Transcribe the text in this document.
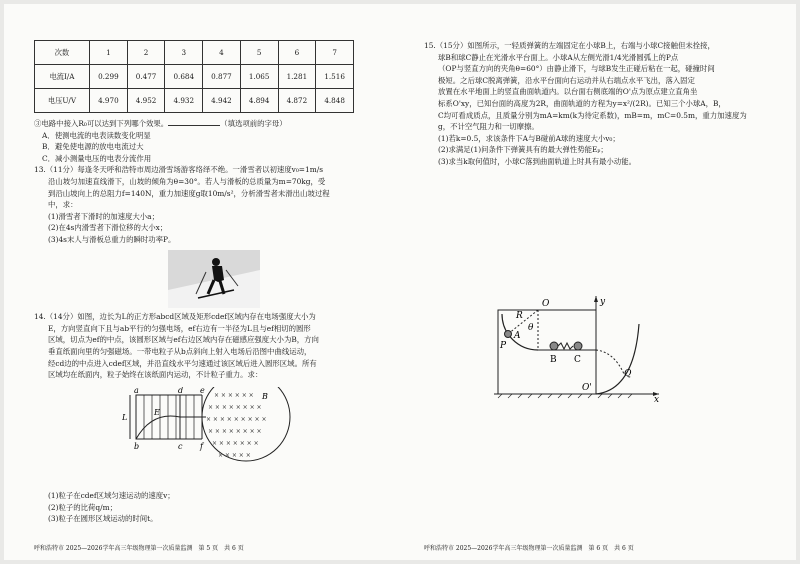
次数	1	2	3	4	5	6	7
电流I/A	0.299	0.477	0.684	0.877	1.065	1.281	1.516
电压U/V	4.970	4.952	4.932	4.942	4.894	4.872	4.848
③电路中接入R₀可以达到下列哪个效果。	（填选项前的字母）
A．使测电流的电表读数变化明显
B．避免使电源的放电电流过大
C．减小测量电压的电表分流作用
13.（11分）每逢冬天呼和浩特市周边滑雪场游客络绎不绝。一滑雪者以初速度v₀=1m/s
沿山坡匀加速直线滑下，山坡的倾角为θ=30°。若人与滑板的总质量为m=70kg，受
到沿山坡向上的总阻力f=140N，重力加速度g取10m/s²，分析滑雪者未滑出山坡过程
中，求：
(1)滑雪者下滑时的加速度大小a；
(2)在4s内滑雪者下滑位移的大小x；
(3)4s末人与滑板总重力的瞬时功率P。
14.（14分）如图，边长为L的正方形abcd区域及矩形cdef区域内存在电场强度大小为
E，方向竖直向下且与ab平行的匀强电场，ef右边有一半径为L且与ef相切的圆形
区域，切点为ef的中点，该圆形区域与ef右边区域内存在磁感应强度大小为B，方向
垂直纸面向里的匀强磁场。一带电粒子从b点斜向上射入电场后沿图中曲线运动，
经cd边的中点进入cdef区域，并沿直线水平匀速通过该区域后进入圆形区域。所有
区域均在纸面内，粒子始终在该纸面内运动，不计粒子重力。求：
× × × × × ×
× × × × × × × ×
× × × × × × × × ×
× × × × × × × ×
× × × × × × ×
× × × × ×
a
b	c
d e
f
L
E
B
(1)粒子在cdef区域匀速运动的速度v；
(2)粒子的比荷q/m；
(3)粒子在圆形区域运动的时间t。
15.（15分）如图所示，一轻质弹簧的左端固定在小球B上，右端与小球C接触但未拴接，
球B和球C静止在光滑水平台面上。小球A从左侧光滑1/4光滑圆弧上的P点
（OP与竖直方向的夹角θ=60°）由静止滑下，与球B发生正碰后粘在一起，碰撞时间
极短。之后球C脱离弹簧，沿水平台面向右运动并从右端点水平飞出，落入固定
放置在水平地面上的竖直曲面轨道内。以台面右侧底端的O'点为原点建立直角坐
标系O'xy，已知台面的高度为2R，曲面轨道的方程为y=x²/(2R)。已知三个小球A，B，
C均可看成质点，且质量分别为mA=km(k为待定系数)，mB=m，mC=0.5m，重力加速度为
g，不计空气阻力和一切摩擦。
(1)若k=0.5，求该条件下A与B碰前A球的速度大小v₀；
(2)求满足(1)问条件下弹簧具有的最大弹性势能Eₚ；
(3)求当k取何值时，小球C落到曲面轨道上时具有最小动能。
O
R
θ
A
P
B C
y
O'
Q
x
呼和浩特市 2025—2026学年高三年级物理第一次质量监测　第 5 页　共 6 页	呼和浩特市 2025—2026学年高三年级物理第一次质量监测　第 6 页　共 6 页
